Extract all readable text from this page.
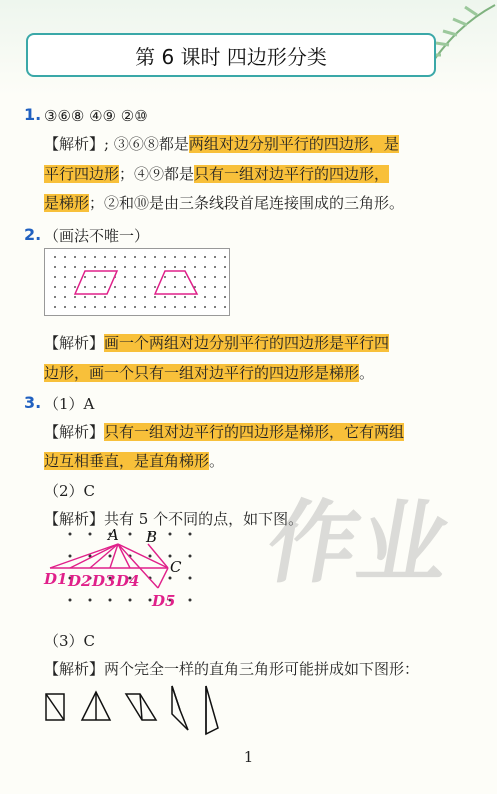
第 6 课时 四边形分类
1. ③⑥⑧ ④⑨ ②⑩
【解析】; ③⑥⑧都是两组对边分别平行的四边形，是
平行四边形；④⑨都是只有一组对边平行的四边形，
是梯形；②和⑩是由三条线段首尾连接围成的三角形。
2. （画法不唯一）
【解析】画一个两组对边分别平行的四边形是平行四
边形，画一个只有一组对边平行的四边形是梯形。
3. （1）A
【解析】只有一组对边平行的四边形是梯形，它有两组
边互相垂直，是直角梯形。
（2）C
【解析】共有 5 个不同的点，如下图。
A B
C
D1 D2 D3 D4
D5
（3）C
【解析】两个完全一样的直角三角形可能拼成如下图形：
作业
1
